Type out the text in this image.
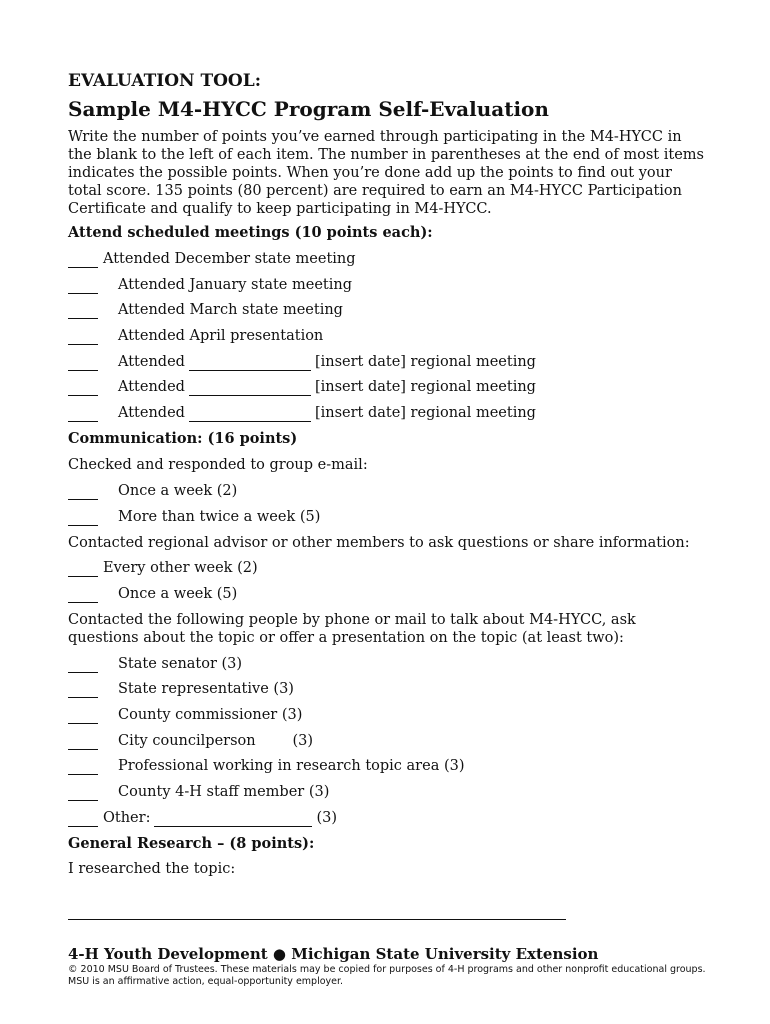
EVALUATION TOOL:

Sample M4-HYCC Program Self-Evaluation

Write the number of points you’ve earned through participating in the M4-HYCC in the blank to the left of each item. The number in parentheses at the end of most items indicates the possible points. When you’re done add up the points to find out your total score. 135 points (80 percent) are required to earn an M4-HYCC Participation Certificate and qualify to keep participating in M4-HYCC.

Attend scheduled meetings (10 points each):

Attended December state meeting
Attended January state meeting
Attended March state meeting
Attended April presentation
Attended	[insert date] regional meeting
Attended	[insert date] regional meeting
Attended	[insert date] regional meeting

Communication: (16 points)

Checked and responded to group e-mail:

Once a week (2)
More than twice a week (5)

Contacted regional advisor or other members to ask questions or share information:

Every other week (2)
Once a week (5)

Contacted the following people by phone or mail to talk about M4-HYCC, ask questions about the topic or offer a presentation on the topic (at least two):

State senator (3)
State representative (3)
County commissioner (3)
City councilperson        (3)
Professional working in research topic area (3)
County 4-H staff member (3)
Other:	(3)

General Research – (8 points):

I researched the topic:

4-H Youth Development ● Michigan State University Extension

© 2010 MSU Board of Trustees. These materials may be copied for purposes of 4-H programs and other nonprofit educational groups. MSU is an affirmative action, equal-opportunity employer.
